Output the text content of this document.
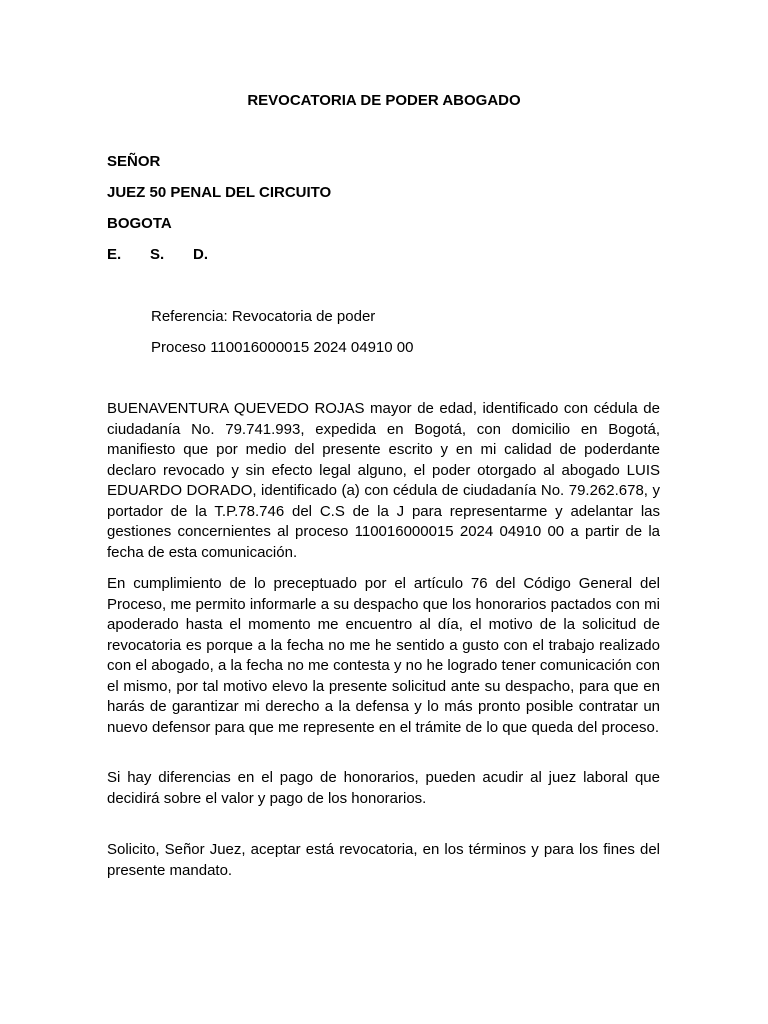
REVOCATORIA DE PODER ABOGADO
SEÑOR
JUEZ 50 PENAL DEL CIRCUITO
BOGOTA
E. S. D.
Referencia: Revocatoria de poder
Proceso 110016000015 2024 04910 00

BUENAVENTURA QUEVEDO ROJAS mayor de edad, identificado con cédula de ciudadanía No. 79.741.993, expedida en Bogotá, con domicilio en Bogotá, manifiesto que por medio del presente escrito y en mi calidad de poderdante declaro revocado y sin efecto legal alguno, el poder otorgado al abogado LUIS EDUARDO DORADO, identificado (a) con cédula de ciudadanía No. 79.262.678, y portador de la T.P.78.746 del C.S de la J para representarme y adelantar las gestiones concernientes al proceso 110016000015 2024 04910 00 a partir de la fecha de esta comunicación.

En cumplimiento de lo preceptuado por el artículo 76 del Código General del Proceso, me permito informarle a su despacho que los honorarios pactados con mi apoderado hasta el momento me encuentro al día, el motivo de la solicitud de revocatoria es porque a la fecha no me he sentido a gusto con el trabajo realizado con el abogado, a la fecha no me contesta y no he logrado tener comunicación con el mismo, por tal motivo elevo la presente solicitud ante su despacho, para que en harás de garantizar mi derecho a la defensa y lo más pronto posible contratar un nuevo defensor para que me represente en el trámite de lo que queda del proceso.

Si hay diferencias en el pago de honorarios, pueden acudir al juez laboral que decidirá sobre el valor y pago de los honorarios.

Solicito, Señor Juez, aceptar está revocatoria, en los términos y para los fines del presente mandato.
